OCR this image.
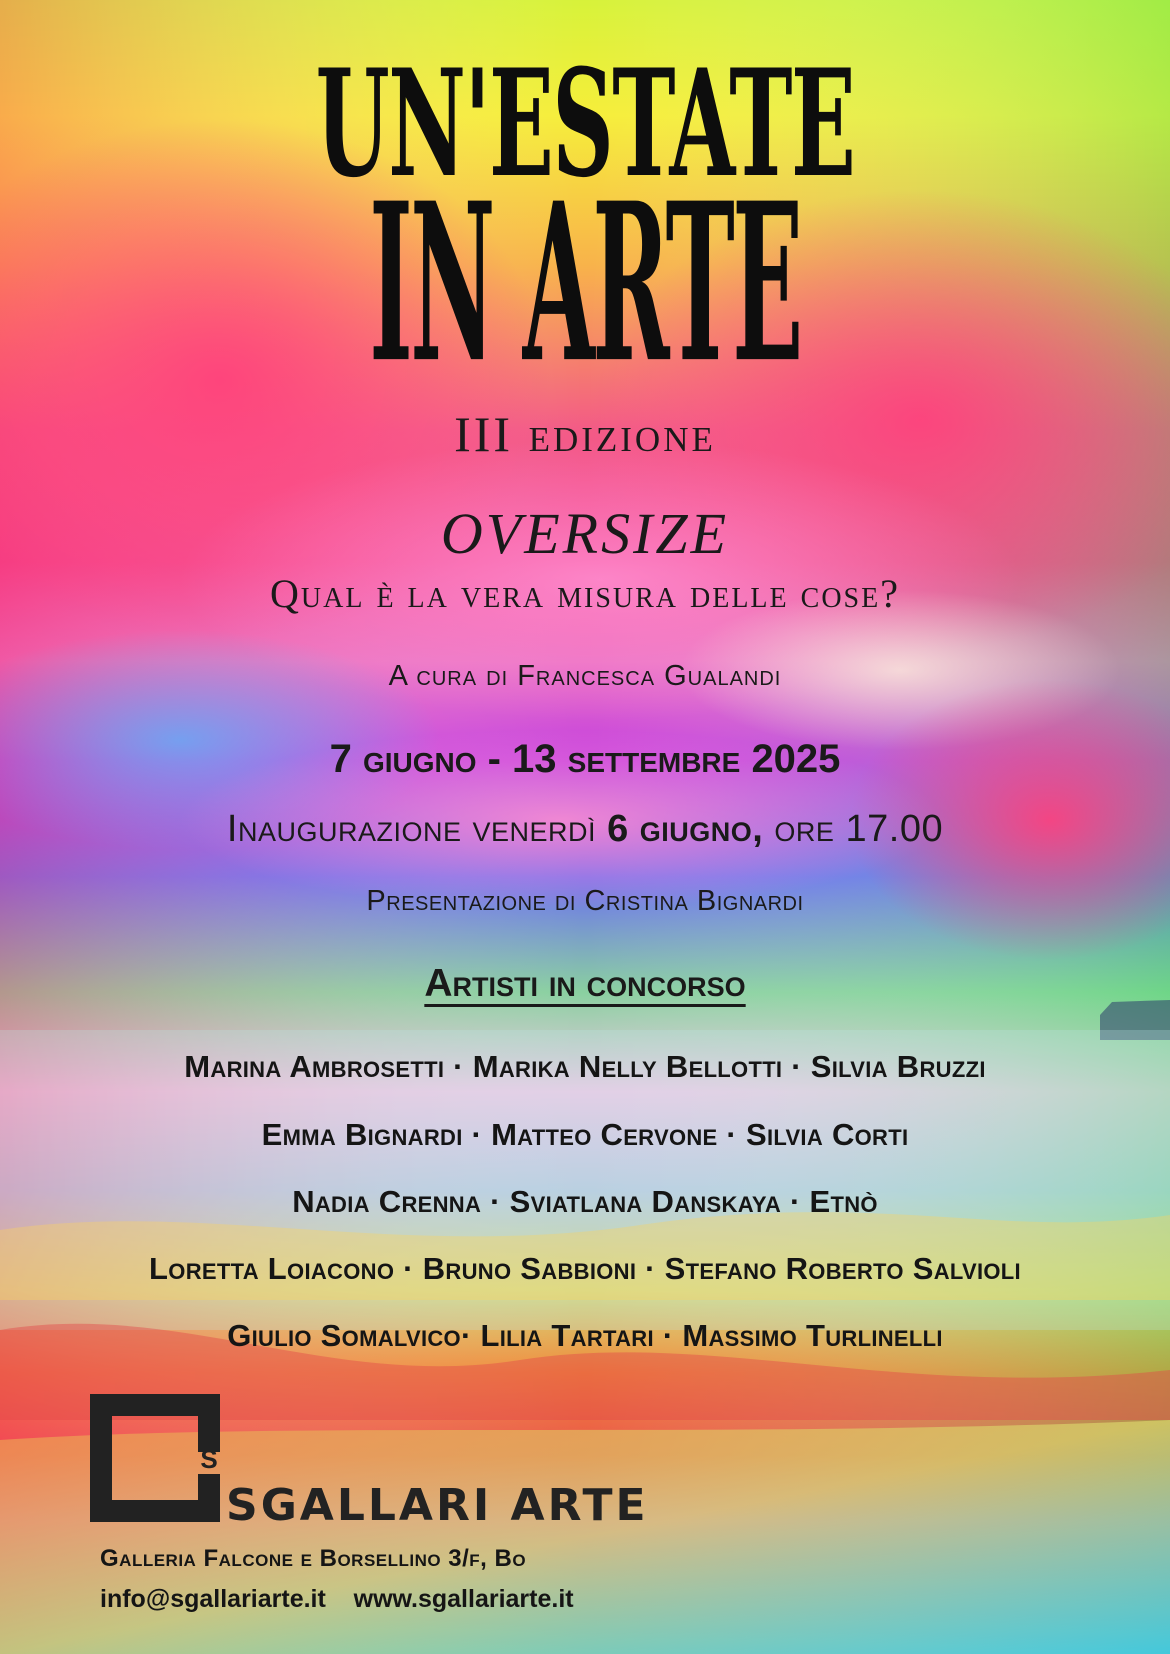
UN'ESTATE
IN ARTE
III edizione
OVERSIZE
Qual è la vera misura delle cose?
A cura di Francesca Gualandi
7 giugno - 13 settembre 2025
Inaugurazione venerdì 6 giugno, ore 17.00
Presentazione di Cristina Bignardi
Artisti in concorso
Marina Ambrosetti · Marika Nelly Bellotti · Silvia Bruzzi
Emma Bignardi · Matteo Cervone · Silvia Corti
Nadia Crenna · Sviatlana Danskaya · Etnò
Loretta Loiacono · Bruno Sabbioni · Stefano Roberto Salvioli
Giulio Somalvico· Lilia Tartari · Massimo Turlinelli
S
SGALLARI ARTE
Galleria Falcone e Borsellino 3/f, Bo
info@sgallariarte.it www.sgallariarte.it
